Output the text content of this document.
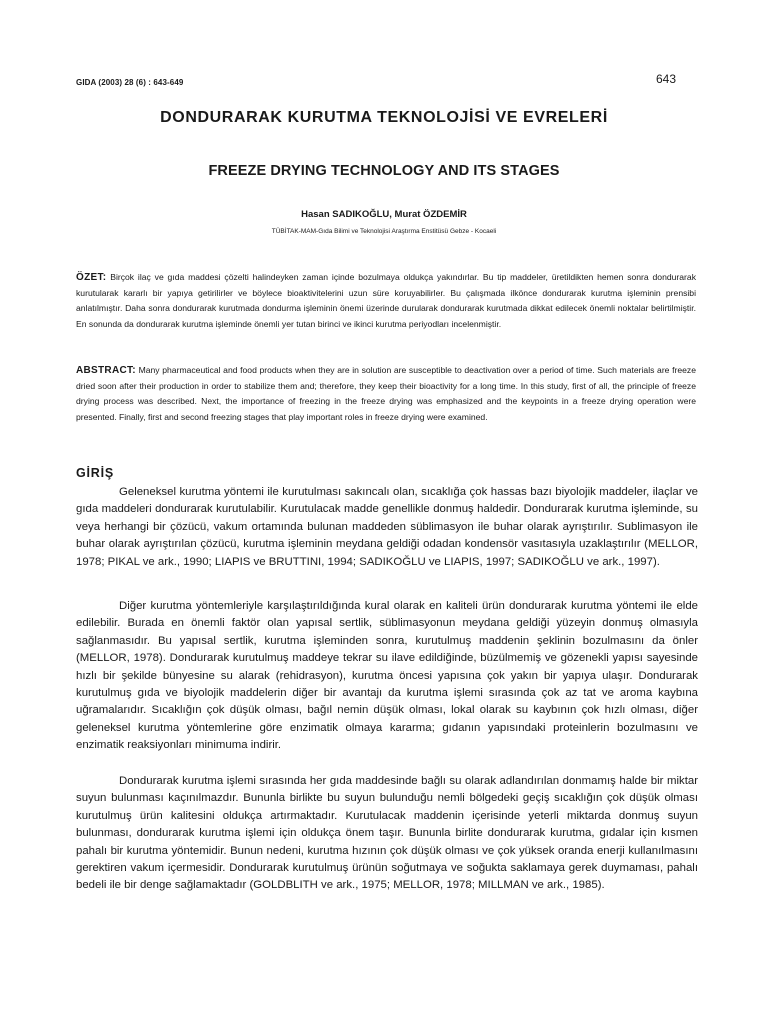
GIDA (2003) 28 (6) : 643-649	643
DONDURARAK KURUTMA TEKNOLOJİSİ VE EVRELERİ
FREEZE DRYING TECHNOLOGY AND ITS STAGES
Hasan SADIKOĞLU, Murat ÖZDEMİR
TÜBİTAK-MAM-Gıda Bilimi ve Teknolojisi Araştırma Enstitüsü Gebze - Kocaeli
ÖZET: Birçok ilaç ve gıda maddesi çözelti halindeyken zaman içinde bozulmaya oldukça yakındırlar. Bu tip maddeler, üretildikten hemen sonra dondurarak kurutularak kararlı bir yapıya getirilirler ve böylece bioaktivitelerini uzun süre koruyabilirler. Bu çalışmada ilkönce dondurarak kurutma işleminin prensibi anlatılmıştır. Daha sonra dondurarak kurutmada dondurma işleminin önemi üzerinde durularak dondurarak kurutmada dikkat edilecek önemli noktalar belirtilmiştir. En sonunda da dondurarak kurutma işleminde önemli yer tutan birinci ve ikinci kurutma periyodları incelenmiştir.
ABSTRACT: Many pharmaceutical and food products when they are in solution are susceptible to deactivation over a period of time. Such materials are freeze dried soon after their production in order to stabilize them and; therefore, they keep their bioactivity for a long time. In this study, first of all, the principle of freeze drying process was described. Next, the importance of freezing in the freeze drying was emphasized and the keypoints in a freeze drying operation were presented. Finally, first and second freezing stages that play important roles in freeze drying were examined.
GİRİŞ

Geleneksel kurutma yöntemi ile kurutulması sakıncalı olan, sıcaklığa çok hassas bazı biyolojik maddeler, ilaçlar ve gıda maddeleri dondurarak kurutulabilir. Kurutulacak madde genellikle donmuş haldedir. Dondurarak kurutma işleminde, su veya herhangi bir çözücü, vakum ortamında bulunan maddeden süblimasyon ile buhar olarak ayrıştırılır. Sublimasyon ile buhar olarak ayrıştırılan çözücü, kurutma işleminin meydana geldiği odadan kondensör vasıtasıyla uzaklaştırılır (MELLOR, 1978; PIKAL ve ark., 1990; LIAPIS ve BRUTTINI, 1994; SADIKOĞLU ve LIAPIS, 1997; SADIKOĞLU ve ark., 1997).

Diğer kurutma yöntemleriyle karşılaştırıldığında kural olarak en kaliteli ürün dondurarak kurutma yöntemi ile elde edilebilir. Burada en önemli faktör olan yapısal sertlik, süblimasyonun meydana geldiği yüzeyin donmuş olmasıyla sağlanmasıdır. Bu yapısal sertlik, kurutma işleminden sonra, kurutulmuş maddenin şeklinin bozulmasını da önler (MELLOR, 1978). Dondurarak kurutulmuş maddeye tekrar su ilave edildiğinde, büzülmemiş ve gözenekli yapısı sayesinde hızlı bir şekilde bünyesine su alarak (rehidrasyon), kurutma öncesi yapısına çok yakın bir yapıya ulaşır. Dondurarak kurutulmuş gıda ve biyolojik maddelerin diğer bir avantajı da kurutma işlemi sırasında çok az tat ve aroma kaybına uğramalarıdır. Sıcaklığın çok düşük olması, bağıl nemin düşük olması, lokal olarak su kaybının çok hızlı olması, diğer geleneksel kurutma yöntemlerine göre enzimatik olmaya kararma; gıdanın yapısındaki proteinlerin bozulmasını ve enzimatik reaksiyonları minimuma indirir.

Dondurarak kurutma işlemi sırasında her gıda maddesinde bağlı su olarak adlandırılan donmamış halde bir miktar suyun bulunması kaçınılmazdır. Bununla birlikte bu suyun bulunduğu nemli bölgedeki geçiş sıcaklığın çok düşük olması kurutulmuş ürün kalitesini oldukça artırmaktadır. Kurutulacak maddenin içerisinde yeterli miktarda donmuş suyun bulunması, dondurarak kurutma işlemi için oldukça önem taşır. Bununla birlite dondurarak kurutma, gıdalar için kısmen pahalı bir kurutma yöntemidir. Bunun nedeni, kurutma hızının çok düşük olması ve çok yüksek oranda enerji kullanılmasını gerektiren vakum içermesidir. Dondurarak kurutulmuş ürünün soğutmaya ve soğukta saklamaya gerek duymaması, pahalı bedeli ile bir denge sağlamaktadır (GOLDBLITH ve ark., 1975; MELLOR, 1978; MILLMAN ve ark., 1985).
